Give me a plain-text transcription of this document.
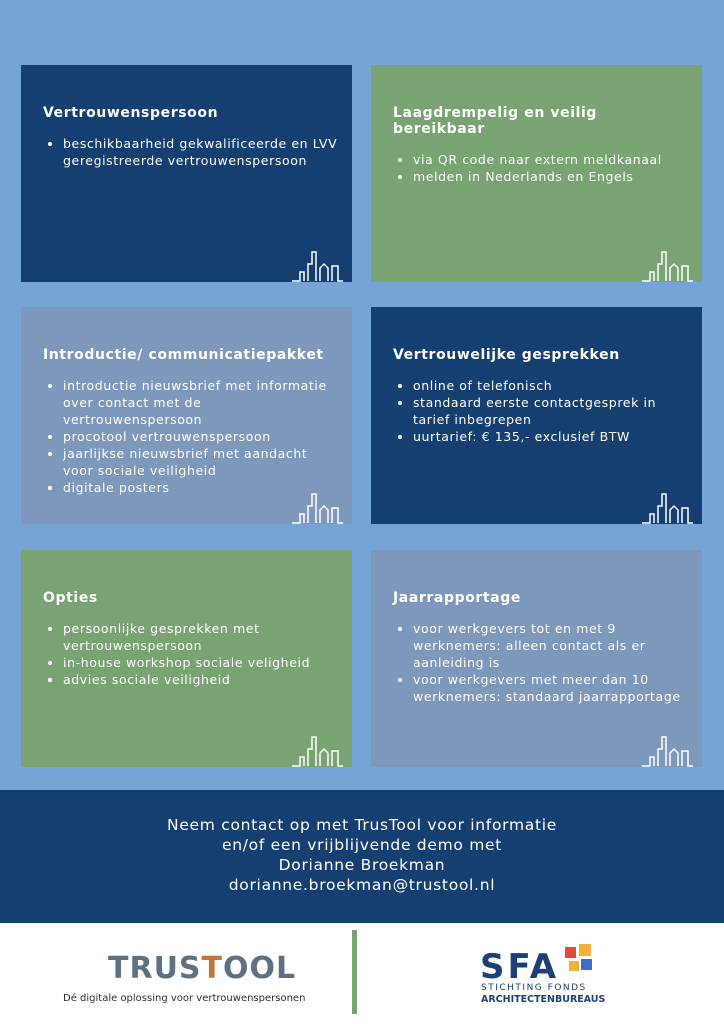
Vertrouwenspersoon
• beschikbaarheid gekwalificeerde en LVV geregistreerde vertrouwenspersoon
Laagdrempelig en veilig bereikbaar
• via QR code naar extern meldkanaal
• melden in Nederlands en Engels
Introductie/ communicatiepakket
• introductie nieuwsbrief met informatie over contact met de vertrouwenspersoon
• procotool vertrouwenspersoon
• jaarlijkse nieuwsbrief met aandacht voor sociale veiligheid
• digitale posters
Vertrouwelijke gesprekken
• online of telefonisch
• standaard eerste contactgesprek in tarief inbegrepen
• uurtarief: € 135,- exclusief BTW
Opties
• persoonlijke gesprekken met vertrouwenspersoon
• in-house workshop sociale veligheid
• advies sociale veiligheid
Jaarrapportage
• voor werkgevers tot en met 9 werknemers: alleen contact als er aanleiding is
• voor werkgevers met meer dan 10 werknemers: standaard jaarrapportage
Neem contact op met TrusTool voor informatie
en/of een vrijblijvende demo met
Dorianne Broekman
dorianne.broekman@trustool.nl
TRUSTOOL
Dé digitale oplossing voor vertrouwenspersonen
SFA
STICHTING FONDS
ARCHITECTENBUREAUS
